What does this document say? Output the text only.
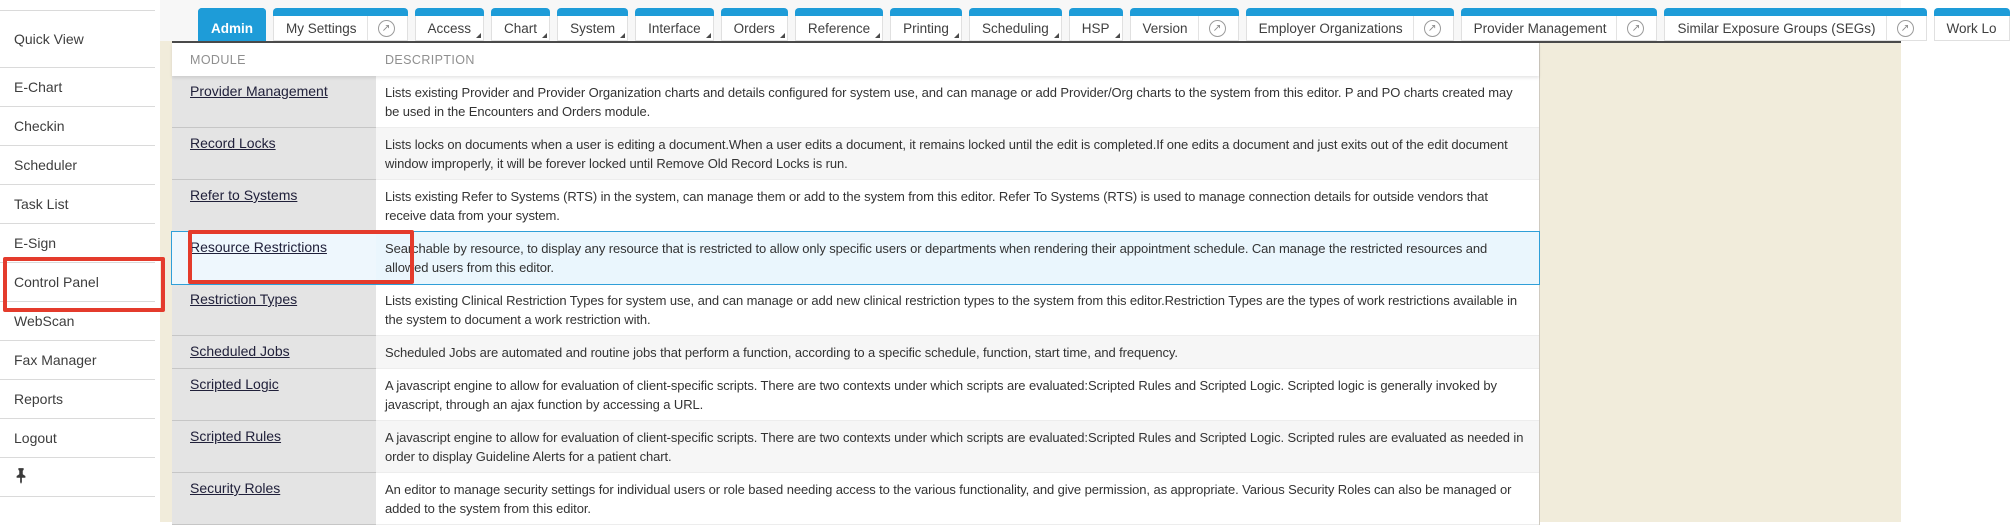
Quick View
E-Chart
Checkin
Scheduler
Task List
E-Sign
Control Panel
WebScan
Fax Manager
Reports
Logout
Admin My Settings ↗	Access Chart System Interface Orders Reference Printing Scheduling HSP Version ↗	Employer Organizations ↗	Provider Management ↗	Similar Exposure Groups (SEGs) ↗	Work Lo
MODULE	DESCRIPTION
Provider Management	Lists existing Provider and Provider Organization charts and details configured for system use, and can manage or add Provider/Org charts to the system from this editor. P and PO charts created may be used in the Encounters and Orders module.
Record Locks	Lists locks on documents when a user is editing a document.When a user edits a document, it remains locked until the edit is completed.If one edits a document and just exits out of the edit document window improperly, it will be forever locked until Remove Old Record Locks is run.
Refer to Systems	Lists existing Refer to Systems (RTS) in the system, can manage them or add to the system from this editor. Refer To Systems (RTS) is used to manage connection details for outside vendors that receive data from your system.
Resource Restrictions	Searchable by resource, to display any resource that is restricted to allow only specific users or departments when rendering their appointment schedule. Can manage the restricted resources and allowed users from this editor.
Restriction Types	Lists existing Clinical Restriction Types for system use, and can manage or add new clinical restriction types to the system from this editor.Restriction Types are the types of work restrictions available in the system to document a work restriction with.
Scheduled Jobs	Scheduled Jobs are automated and routine jobs that perform a function, according to a specific schedule, function, start time, and frequency.
Scripted Logic	A javascript engine to allow for evaluation of client-specific scripts. There are two contexts under which scripts are evaluated:Scripted Rules and Scripted Logic. Scripted logic is generally invoked by javascript, through an ajax function by accessing a URL.
Scripted Rules	A javascript engine to allow for evaluation of client-specific scripts. There are two contexts under which scripts are evaluated:Scripted Rules and Scripted Logic. Scripted rules are evaluated as needed in order to display Guideline Alerts for a patient chart.
Security Roles	An editor to manage security settings for individual users or role based needing access to the various functionality, and give permission, as appropriate. Various Security Roles can also be managed or added to the system from this editor.
